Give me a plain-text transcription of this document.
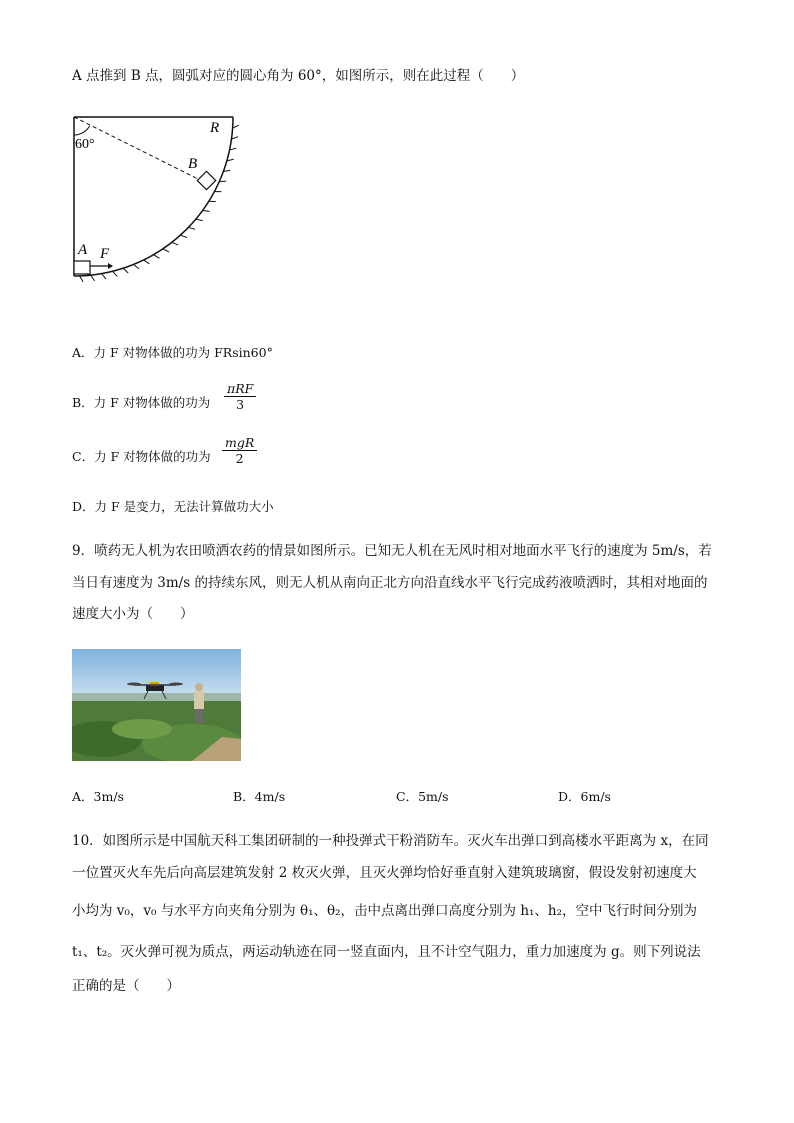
A 点推到 B 点，圆弧对应的圆心角为 60°，如图所示，则在此过程（　　）
R
B
A F
60°
A．力 F 对物体做的功为 FRsin60°
B．力 F 对物体做的功为
πRF
3
C．力 F 对物体做的功为
mgR
2
D．力 F 是变力，无法计算做功大小
9．喷药无人机为农田喷洒农药的情景如图所示。已知无人机在无风时相对地面水平飞行的速度为 5m/s，若
当日有速度为 3m/s 的持续东风，则无人机从南向正北方向沿直线水平飞行完成药液喷洒时，其相对地面的
速度大小为（　　）
A．3m/s	B．4m/s	C．5m/s	D．6m/s
10．如图所示是中国航天科工集团研制的一种投弹式干粉消防车。灭火车出弹口到高楼水平距离为 x，在同
一位置灭火车先后向高层建筑发射 2 枚灭火弹，且灭火弹均恰好垂直射入建筑玻璃窗，假设发射初速度大
小均为 v₀，v₀ 与水平方向夹角分别为 θ₁、θ₂，击中点离出弹口高度分别为 h₁、h₂，空中飞行时间分别为
t₁、t₂。灭火弹可视为质点，两运动轨迹在同一竖直面内，且不计空气阻力，重力加速度为 g。则下列说法
正确的是（　　）
